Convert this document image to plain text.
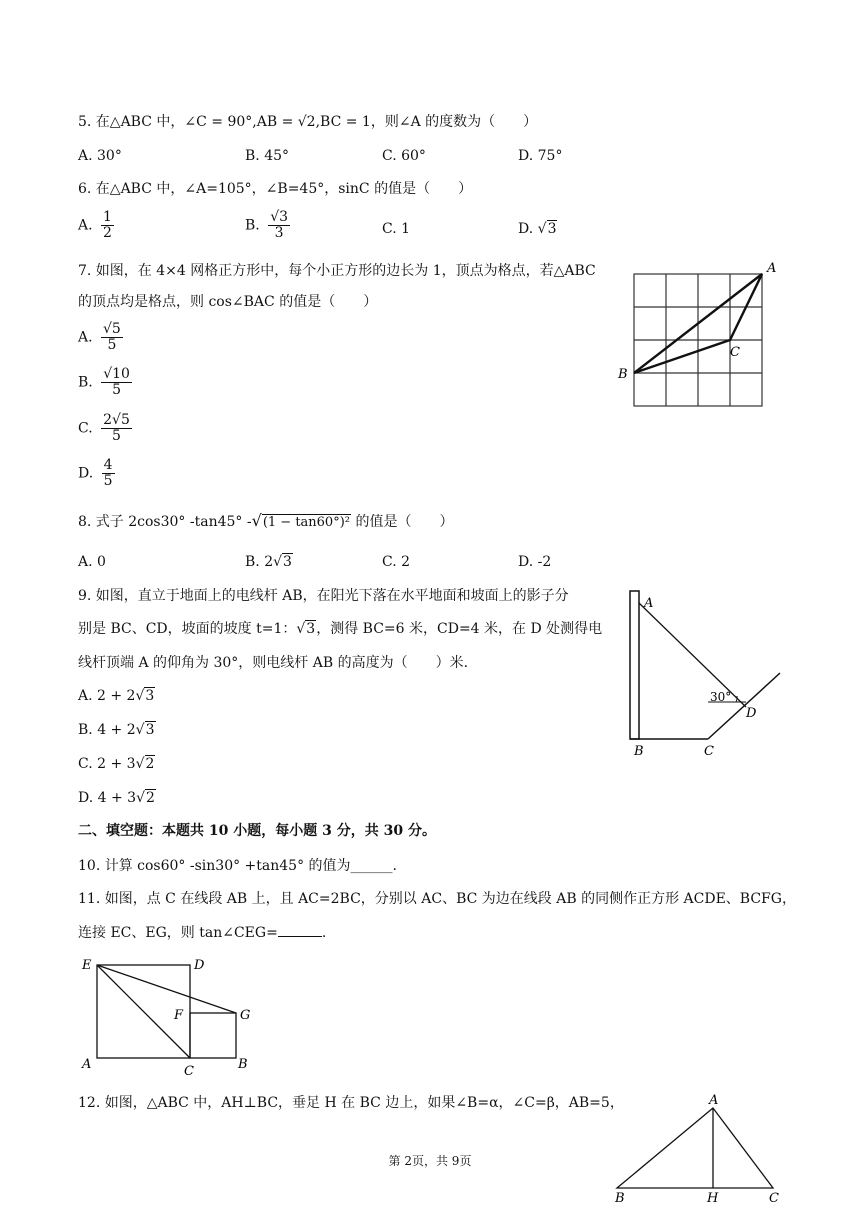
5. 在△ABC 中，∠C = 90°,AB = √2,BC = 1，则∠A 的度数为（　　）
A. 30°	B. 45°	C. 60°	D. 75°
6. 在△ABC 中，∠A=105°，∠B=45°，sinC 的值是（　　）
A. $\frac{1}{2}$	B. $\frac{√3}{3}$	C. 1	D. √3
7. 如图，在 4×4 网格正方形中，每个小正方形的边长为 1，顶点为格点，若△ABC
的顶点均是格点，则 cos∠BAC 的值是（　　）
A. $\frac{√5}{5}$
B. $\frac{√10}{5}$
C. $\frac{2√5}{5}$
D. $\frac{4}{5}$
A
B
C
8. 式子 2cos30° -tan45° -√(1 − tan60°)² 的值是（　　）
A. 0	B. 2√3	C. 2	D. -2
9. 如图，直立于地面上的电线杆 AB，在阳光下落在水平地面和坡面上的影子分
别是 BC、CD，坡面的坡度 t=1：√3，测得 BC=6 米，CD=4 米，在 D 处测得电
线杆顶端 A 的仰角为 30°，则电线杆 AB 的高度为（　　）米.
A. 2 + 2√3
B. 4 + 2√3
C. 2 + 3√2
D. 4 + 3√2
A
B	C
D
30°
二、填空题：本题共 10 小题，每小题 3 分，共 30 分。
10. 计算 cos60° -sin30° +tan45° 的值为______.
11. 如图，点 C 在线段 AB 上，且 AC=2BC，分别以 AC、BC 为边在线段 AB 的同侧作正方形 ACDE、BCFG，
连接 EC、EG，则 tan∠CEG=	.
E	D
F	G
A	C	B
12. 如图，△ABC 中，AH⊥BC，垂足 H 在 BC 边上，如果∠B=α，∠C=β，AB=5，	A
B	H	C
第 2页，共 9页
